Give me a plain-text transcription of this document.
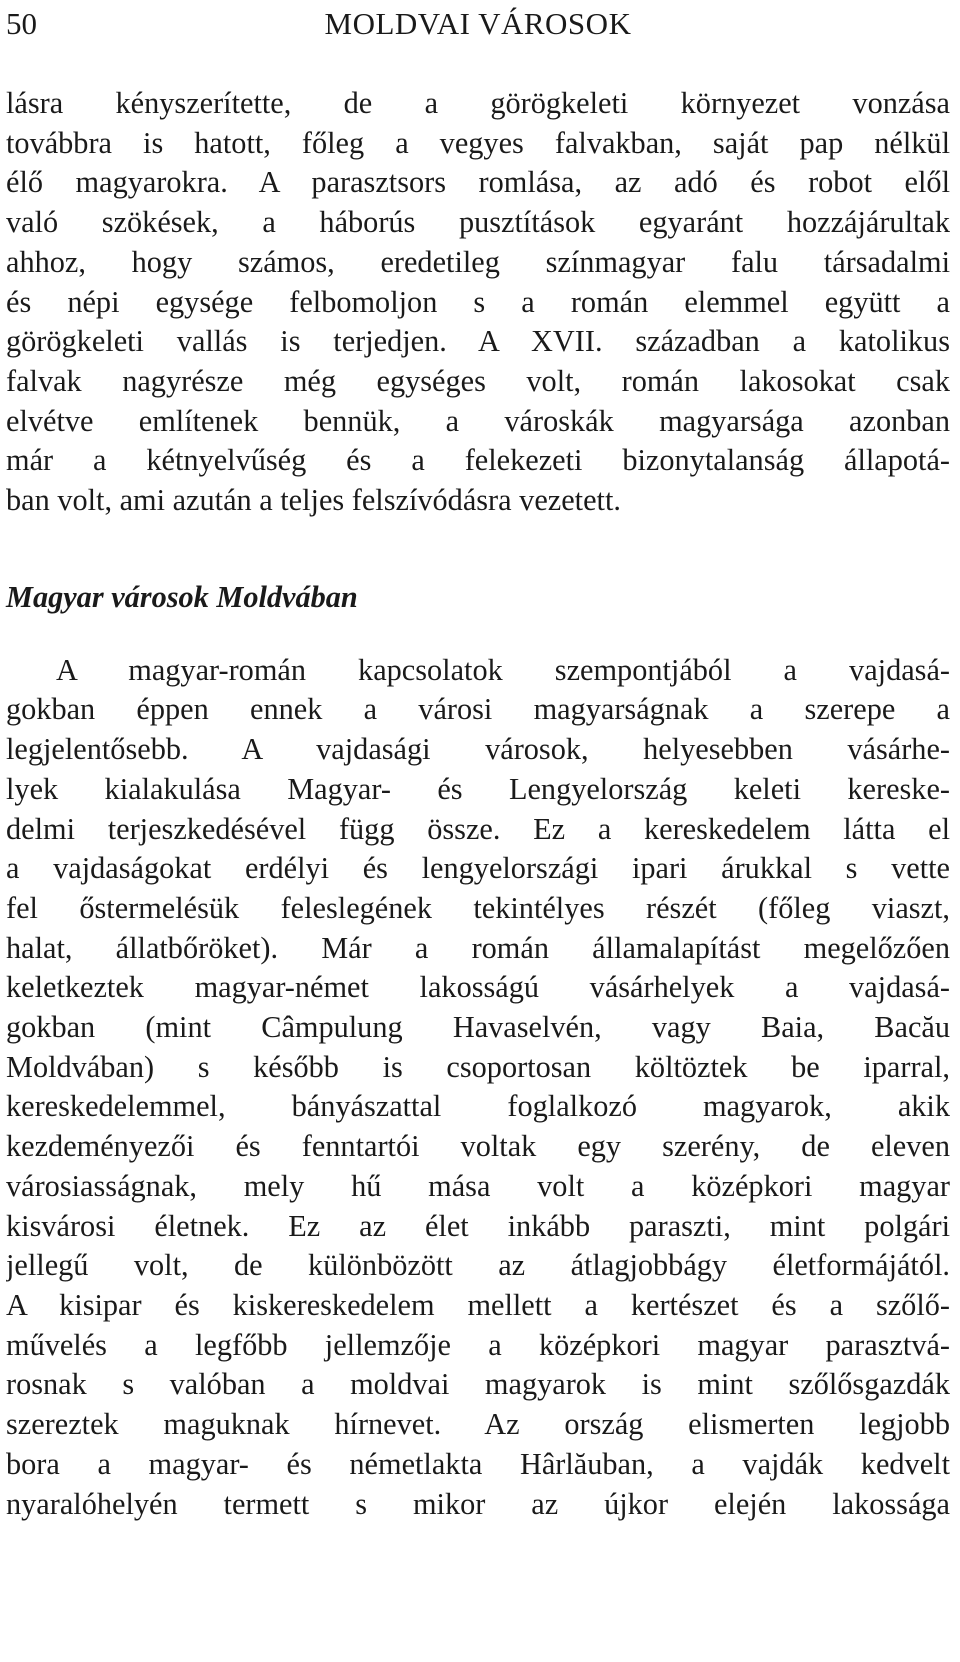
50	MOLDVAI VÁROSOK

lásra kényszerítette, de a görögkeleti környezet vonzása
továbbra is hatott, főleg a vegyes falvakban, saját pap nélkül
élő magyarokra. A parasztsors romlása, az adó és robot elől
való szökések, a háborús pusztítások egyaránt hozzájárultak
ahhoz, hogy számos, eredetileg színmagyar falu társadalmi
és népi egysége felbomoljon s a román elemmel együtt a
görögkeleti vallás is terjedjen. A XVII. században a katolikus
falvak nagyrésze még egységes volt, román lakosokat csak
elvétve említenek bennük, a városkák magyarsága azonban
már a kétnyelvűség és a felekezeti bizonytalanság állapotá-
ban volt, ami azután a teljes felszívódásra vezetett.

Magyar városok Moldvában

A magyar-román kapcsolatok szempontjából a vajdasá-
gokban éppen ennek a városi magyarságnak a szerepe a
legjelentősebb. A vajdasági városok, helyesebben vásárhe-
lyek kialakulása Magyar- és Lengyelország keleti kereske-
delmi terjeszkedésével függ össze. Ez a kereskedelem látta el
a vajdaságokat erdélyi és lengyelországi ipari árukkal s vette
fel őstermelésük feleslegének tekintélyes részét (főleg viaszt,
halat, állatbőröket). Már a román államalapítást megelőzően
keletkeztek magyar-német lakosságú vásárhelyek a vajdasá-
gokban (mint Câmpulung Havaselvén, vagy Baia, Bacău
Moldvában) s később is csoportosan költöztek be iparral,
kereskedelemmel, bányászattal foglalkozó magyarok, akik
kezdeményezői és fenntartói voltak egy szerény, de eleven
városiasságnak, mely hű mása volt a középkori magyar
kisvárosi életnek. Ez az élet inkább paraszti, mint polgári
jellegű volt, de különbözött az átlagjobbágy életformájától.
A kisipar és kiskereskedelem mellett a kertészet és a szőlő-
művelés a legfőbb jellemzője a középkori magyar parasztvá-
rosnak s valóban a moldvai magyarok is mint szőlősgazdák
szereztek maguknak hírnevet. Az ország elismerten legjobb
bora a magyar- és németlakta Hârlăuban, a vajdák kedvelt
nyaralóhelyén termett s mikor az újkor elején lakossága
